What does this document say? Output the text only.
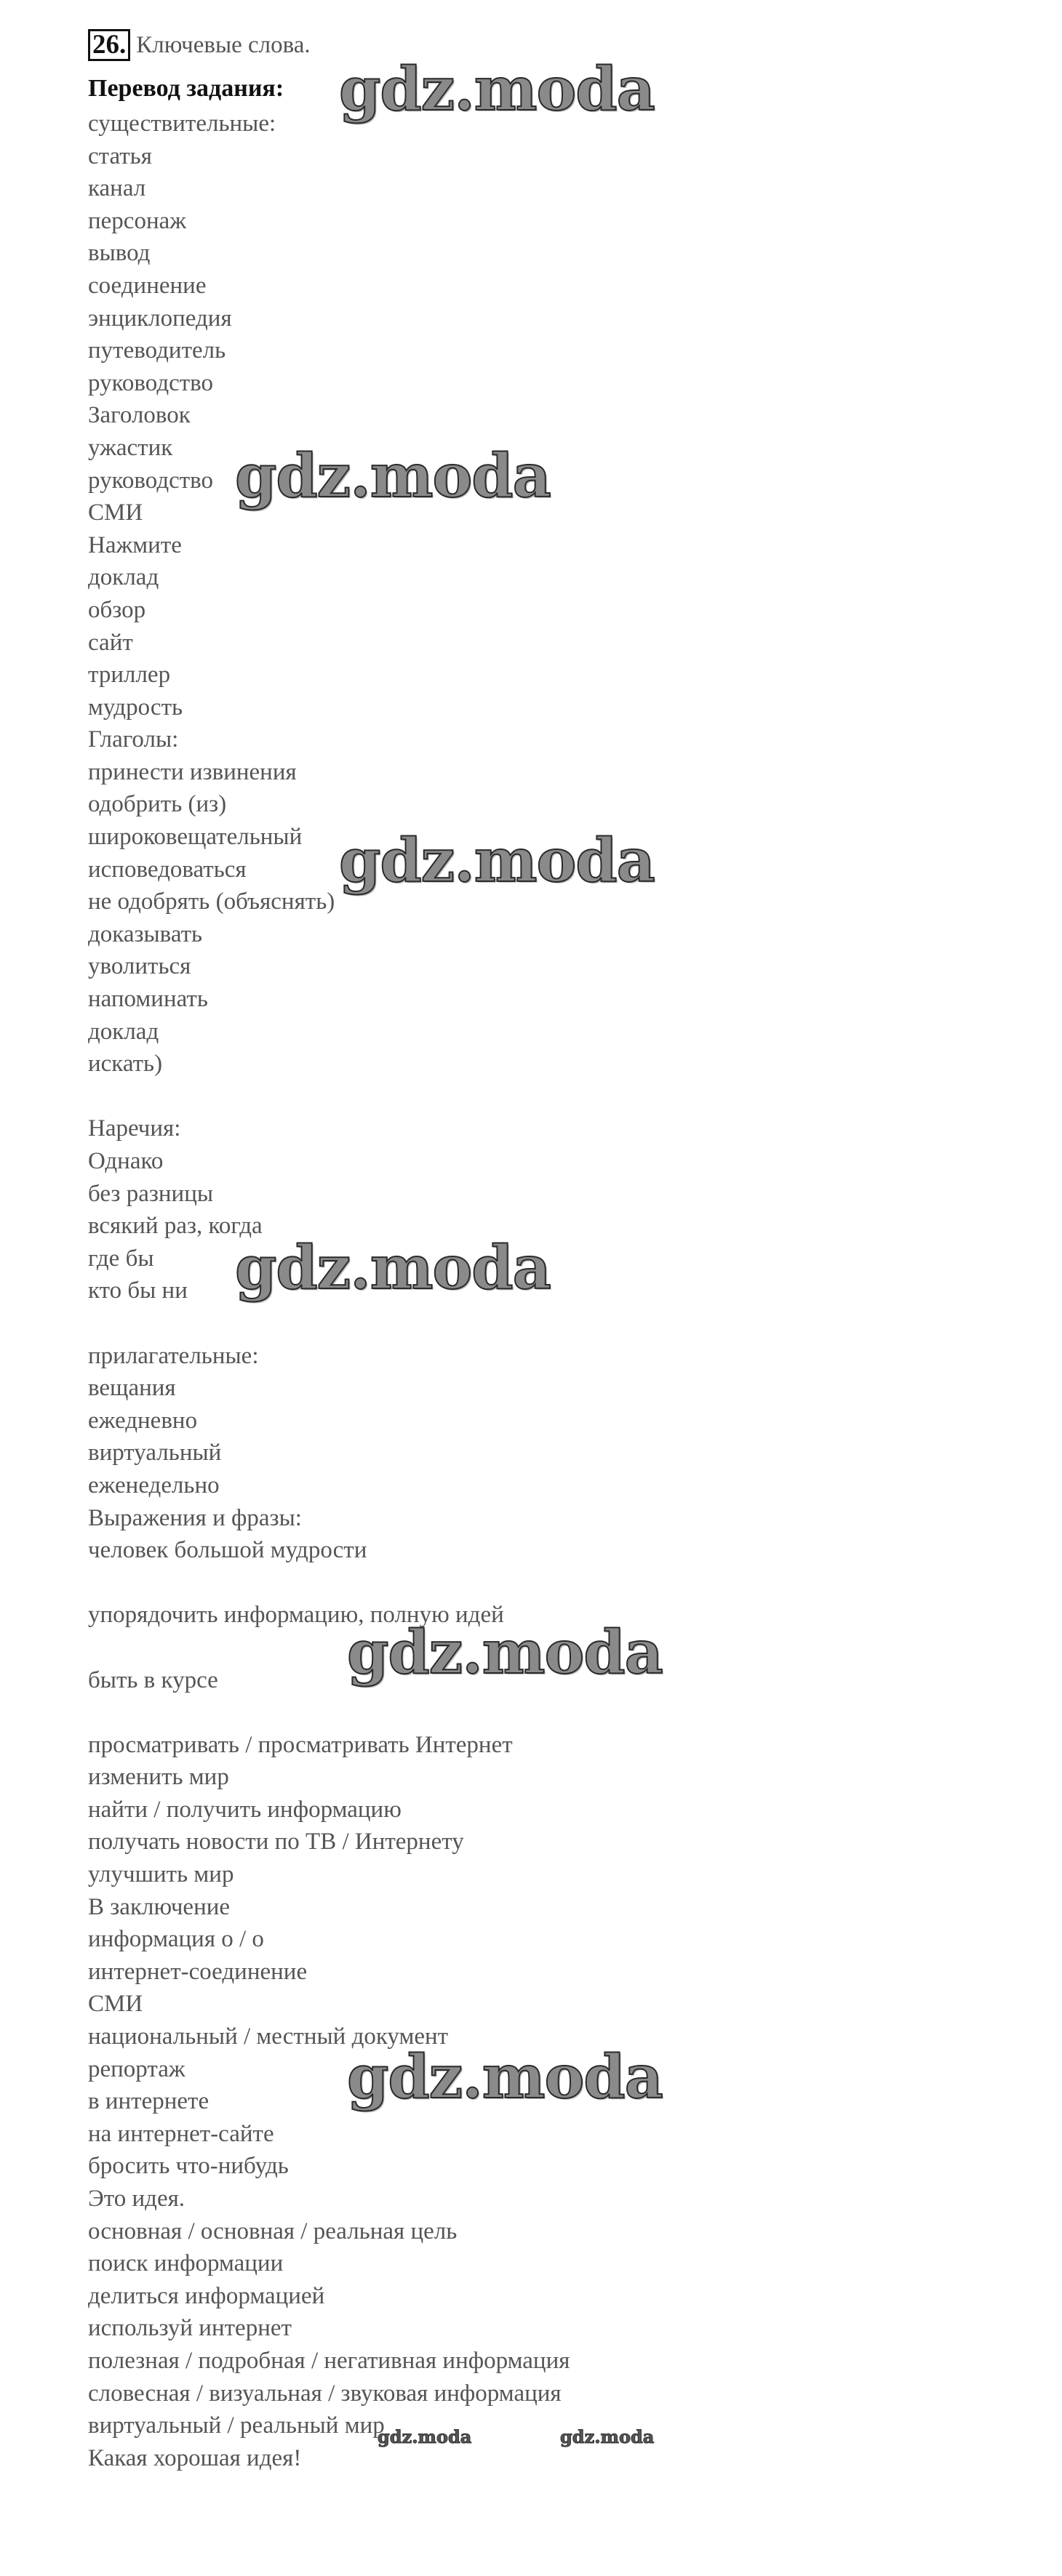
26. Ключевые слова.
Перевод задания:
существительные:
статья
канал
персонаж
вывод
соединение
энциклопедия
путеводитель
руководство
Заголовок
ужастик
руководство
СМИ
Нажмите
доклад
обзор
сайт
триллер
мудрость
Глаголы:
принести извинения
одобрить (из)
широковещательный
исповедоваться
не одобрять (объяснять)
доказывать
уволиться
напоминать
доклад
искать)
Наречия:
Однако
без разницы
всякий раз, когда
где бы
кто бы ни
прилагательные:
вещания
ежедневно
виртуальный
еженедельно
Выражения и фразы:
человек большой мудрости
упорядочить информацию, полную идей
быть в курсе
просматривать / просматривать Интернет
изменить мир
найти / получить информацию
получать новости по ТВ / Интернету
улучшить мир
В заключение
информация о / о
интернет-соединение
СМИ
национальный / местный документ
репортаж
в интернете
на интернет-сайте
бросить что-нибудь
Это идея.
основная / основная / реальная цель
поиск информации
делиться информацией
используй интернет
полезная / подробная / негативная информация
словесная / визуальная / звуковая информация
виртуальный / реальный мир
Какая хорошая идея!
gdz.moda
gdz.moda
gdz.moda
gdz.moda
gdz.moda
gdz.moda
gdz.moda	gdz.moda
